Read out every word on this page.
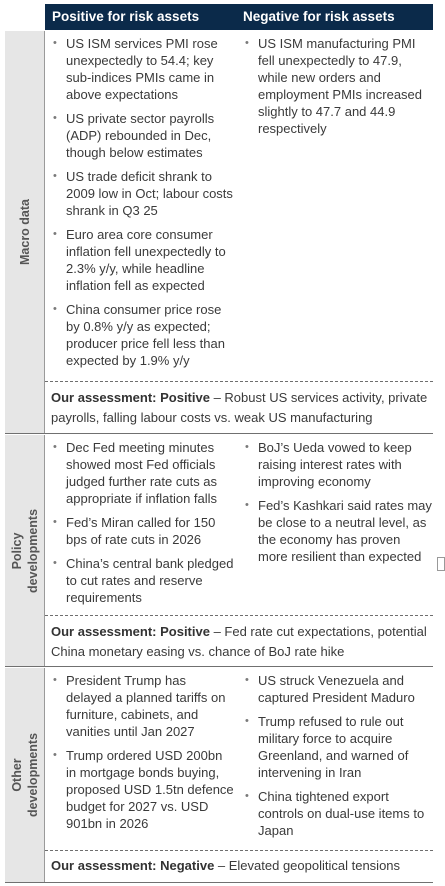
Positive for risk assets	Negative for risk assets
Macro data
• US ISM services PMI rose unexpectedly to 54.4; key sub-indices PMIs came in above expectations
• US private sector payrolls (ADP) rebounded in Dec, though below estimates
• US trade deficit shrank to 2009 low in Oct; labour costs shrank in Q3 25
• Euro area core consumer inflation fell unexpectedly to 2.3% y/y, while headline inflation fell as expected
• China consumer price rose by 0.8% y/y as expected; producer price fell less than expected by 1.9% y/y
• US ISM manufacturing PMI fell unexpectedly to 47.9, while new orders and employment PMIs increased slightly to 47.7 and 44.9 respectively
Our assessment: Positive – Robust US services activity, private payrolls, falling labour costs vs. weak US manufacturing
Policy developments
• Dec Fed meeting minutes showed most Fed officials judged further rate cuts as appropriate if inflation falls
• Fed’s Miran called for 150 bps of rate cuts in 2026
• China’s central bank pledged to cut rates and reserve requirements
• BoJ’s Ueda vowed to keep raising interest rates with improving economy
• Fed’s Kashkari said rates may be close to a neutral level, as the economy has proven more resilient than expected
Our assessment: Positive – Fed rate cut expectations, potential China monetary easing vs. chance of BoJ rate hike
Other developments
• President Trump has delayed a planned tariffs on furniture, cabinets, and vanities until Jan 2027
• Trump ordered USD 200bn in mortgage bonds buying, proposed USD 1.5tn defence budget for 2027 vs. USD 901bn in 2026
• US struck Venezuela and captured President Maduro
• Trump refused to rule out military force to acquire Greenland, and warned of intervening in Iran
• China tightened export controls on dual-use items to Japan
Our assessment: Negative – Elevated geopolitical tensions
